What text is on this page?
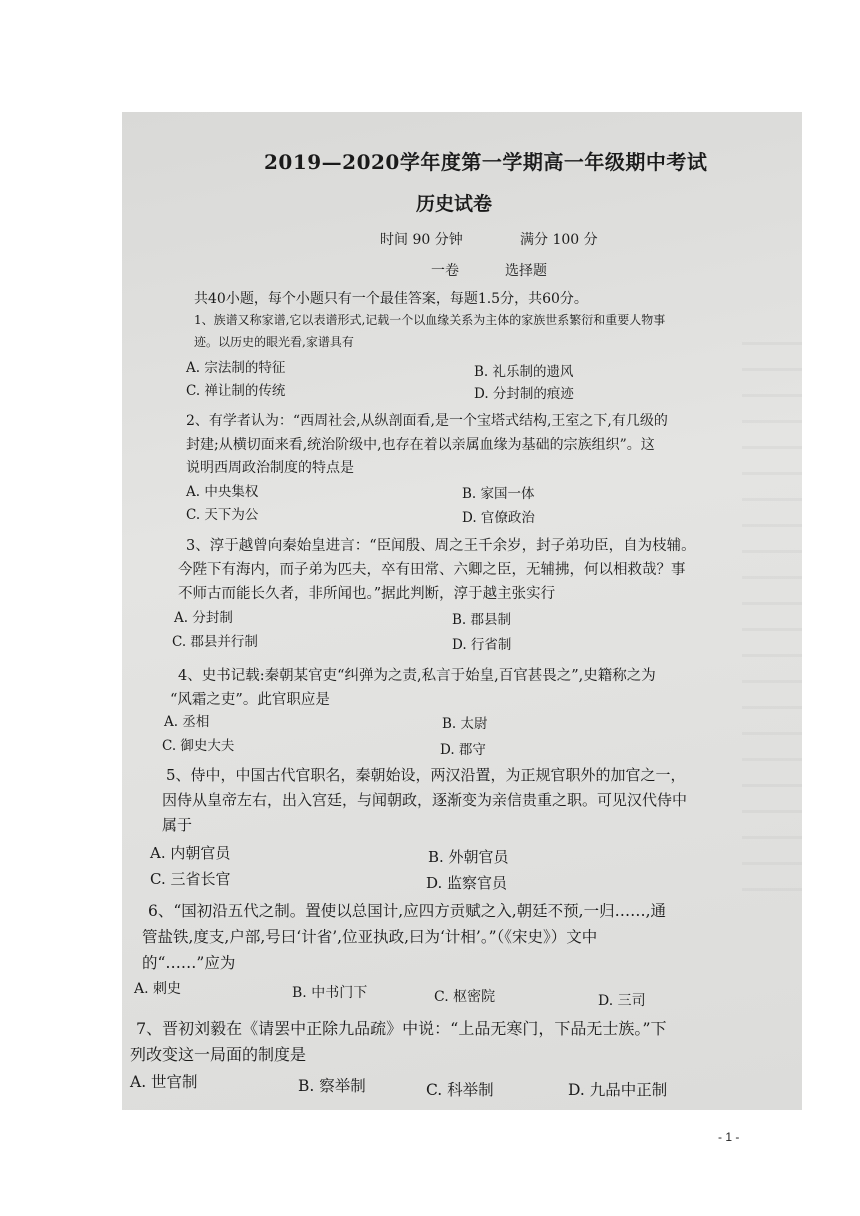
2019—2020学年度第一学期高一年级期中考试
历史试卷
时间 90 分钟	满分 100 分
一卷	选择题
共40小题，每个小题只有一个最佳答案，每题1.5分，共60分。
1、族谱又称家谱,它以表谱形式,记载一个以血缘关系为主体的家族世系繁衍和重要人物事
迹。以历史的眼光看,家谱具有
A. 宗法制的特征	B. 礼乐制的遗风
C. 禅让制的传统	D. 分封制的痕迹
2、有学者认为：“西周社会,从纵剖面看,是一个宝塔式结构,王室之下,有几级的
封建;从横切面来看,统治阶级中,也存在着以亲属血缘为基础的宗族组织”。这
说明西周政治制度的特点是
A. 中央集权	B. 家国一体
C. 天下为公	D. 官僚政治
3、淳于越曾向秦始皇进言：“臣闻殷、周之王千余岁，封子弟功臣，自为枝辅。
今陛下有海内，而子弟为匹夫，卒有田常、六卿之臣，无辅拂，何以相救哉？事
不师古而能长久者，非所闻也。”据此判断，淳于越主张实行
A. 分封制	B. 郡县制
C. 郡县并行制	D. 行省制
4、史书记载:秦朝某官吏“纠弹为之责,私言于始皇,百官甚畏之”,史籍称之为
“风霜之吏”。此官职应是
A. 丞相	B. 太尉
C. 御史大夫	D. 郡守
5、侍中，中国古代官职名，秦朝始设，两汉沿置，为正规官职外的加官之一，
因侍从皇帝左右，出入宫廷，与闻朝政，逐渐变为亲信贵重之职。可见汉代侍中
属于
A. 内朝官员	B. 外朝官员
C. 三省长官	D. 监察官员
6、“国初沿五代之制。置使以总国计,应四方贡赋之入,朝廷不预,一归……,通
管盐铁,度支,户部,号曰‘计省’,位亚执政,曰为‘计相’。”（《宋史》）文中
的“……”应为
A. 刺史	B. 中书门下	C. 枢密院	D. 三司
7、晋初刘毅在《请罢中正除九品疏》中说：“上品无寒门，下品无士族。”下
列改变这一局面的制度是
A. 世官制	B. 察举制	C. 科举制	D. 九品中正制
- 1 -
